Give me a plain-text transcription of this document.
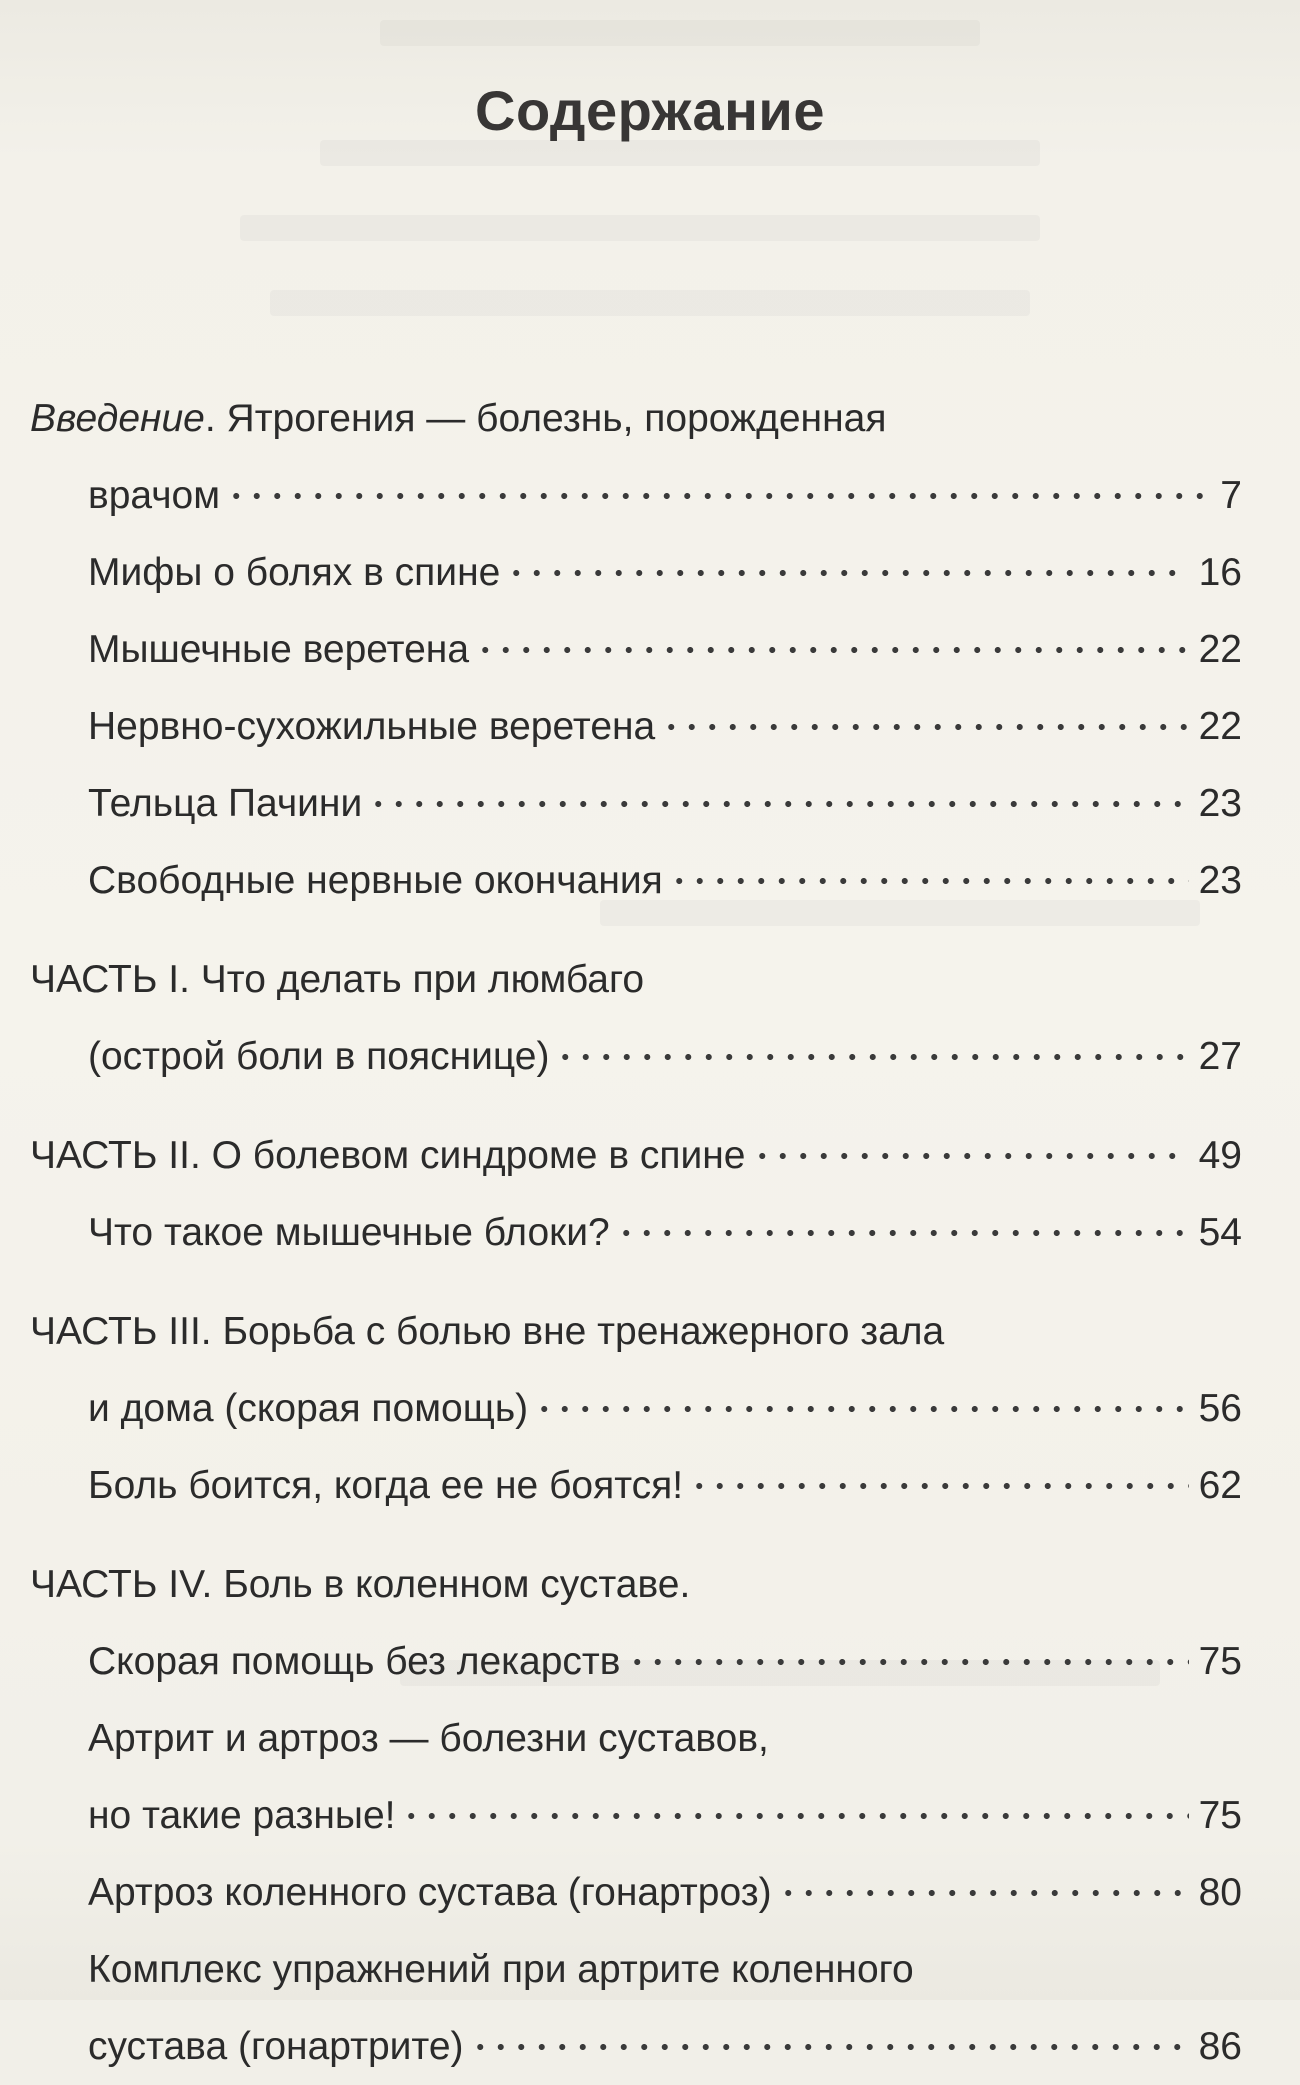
Содержание
Введение. Ятрогения — болезнь, порожденная
врачом	7
Мифы о болях в спине	16
Мышечные веретена	22
Нервно-сухожильные веретена	22
Тельца Пачини	23
Свободные нервные окончания	23
ЧАСТЬ I. Что делать при люмбаго
(острой боли в пояснице)	27
ЧАСТЬ II. О болевом синдроме в спине	49
Что такое мышечные блоки?	54
ЧАСТЬ III. Борьба с болью вне тренажерного зала
и дома (скорая помощь)	56
Боль боится, когда ее не боятся!	62
ЧАСТЬ IV. Боль в коленном суставе.
Скорая помощь без лекарств	75
Артрит и артроз — болезни суставов,
но такие разные!	75
Артроз коленного сустава (гонартроз)	80
Комплекс упражнений при артрите коленного
сустава (гонартрите)	86
